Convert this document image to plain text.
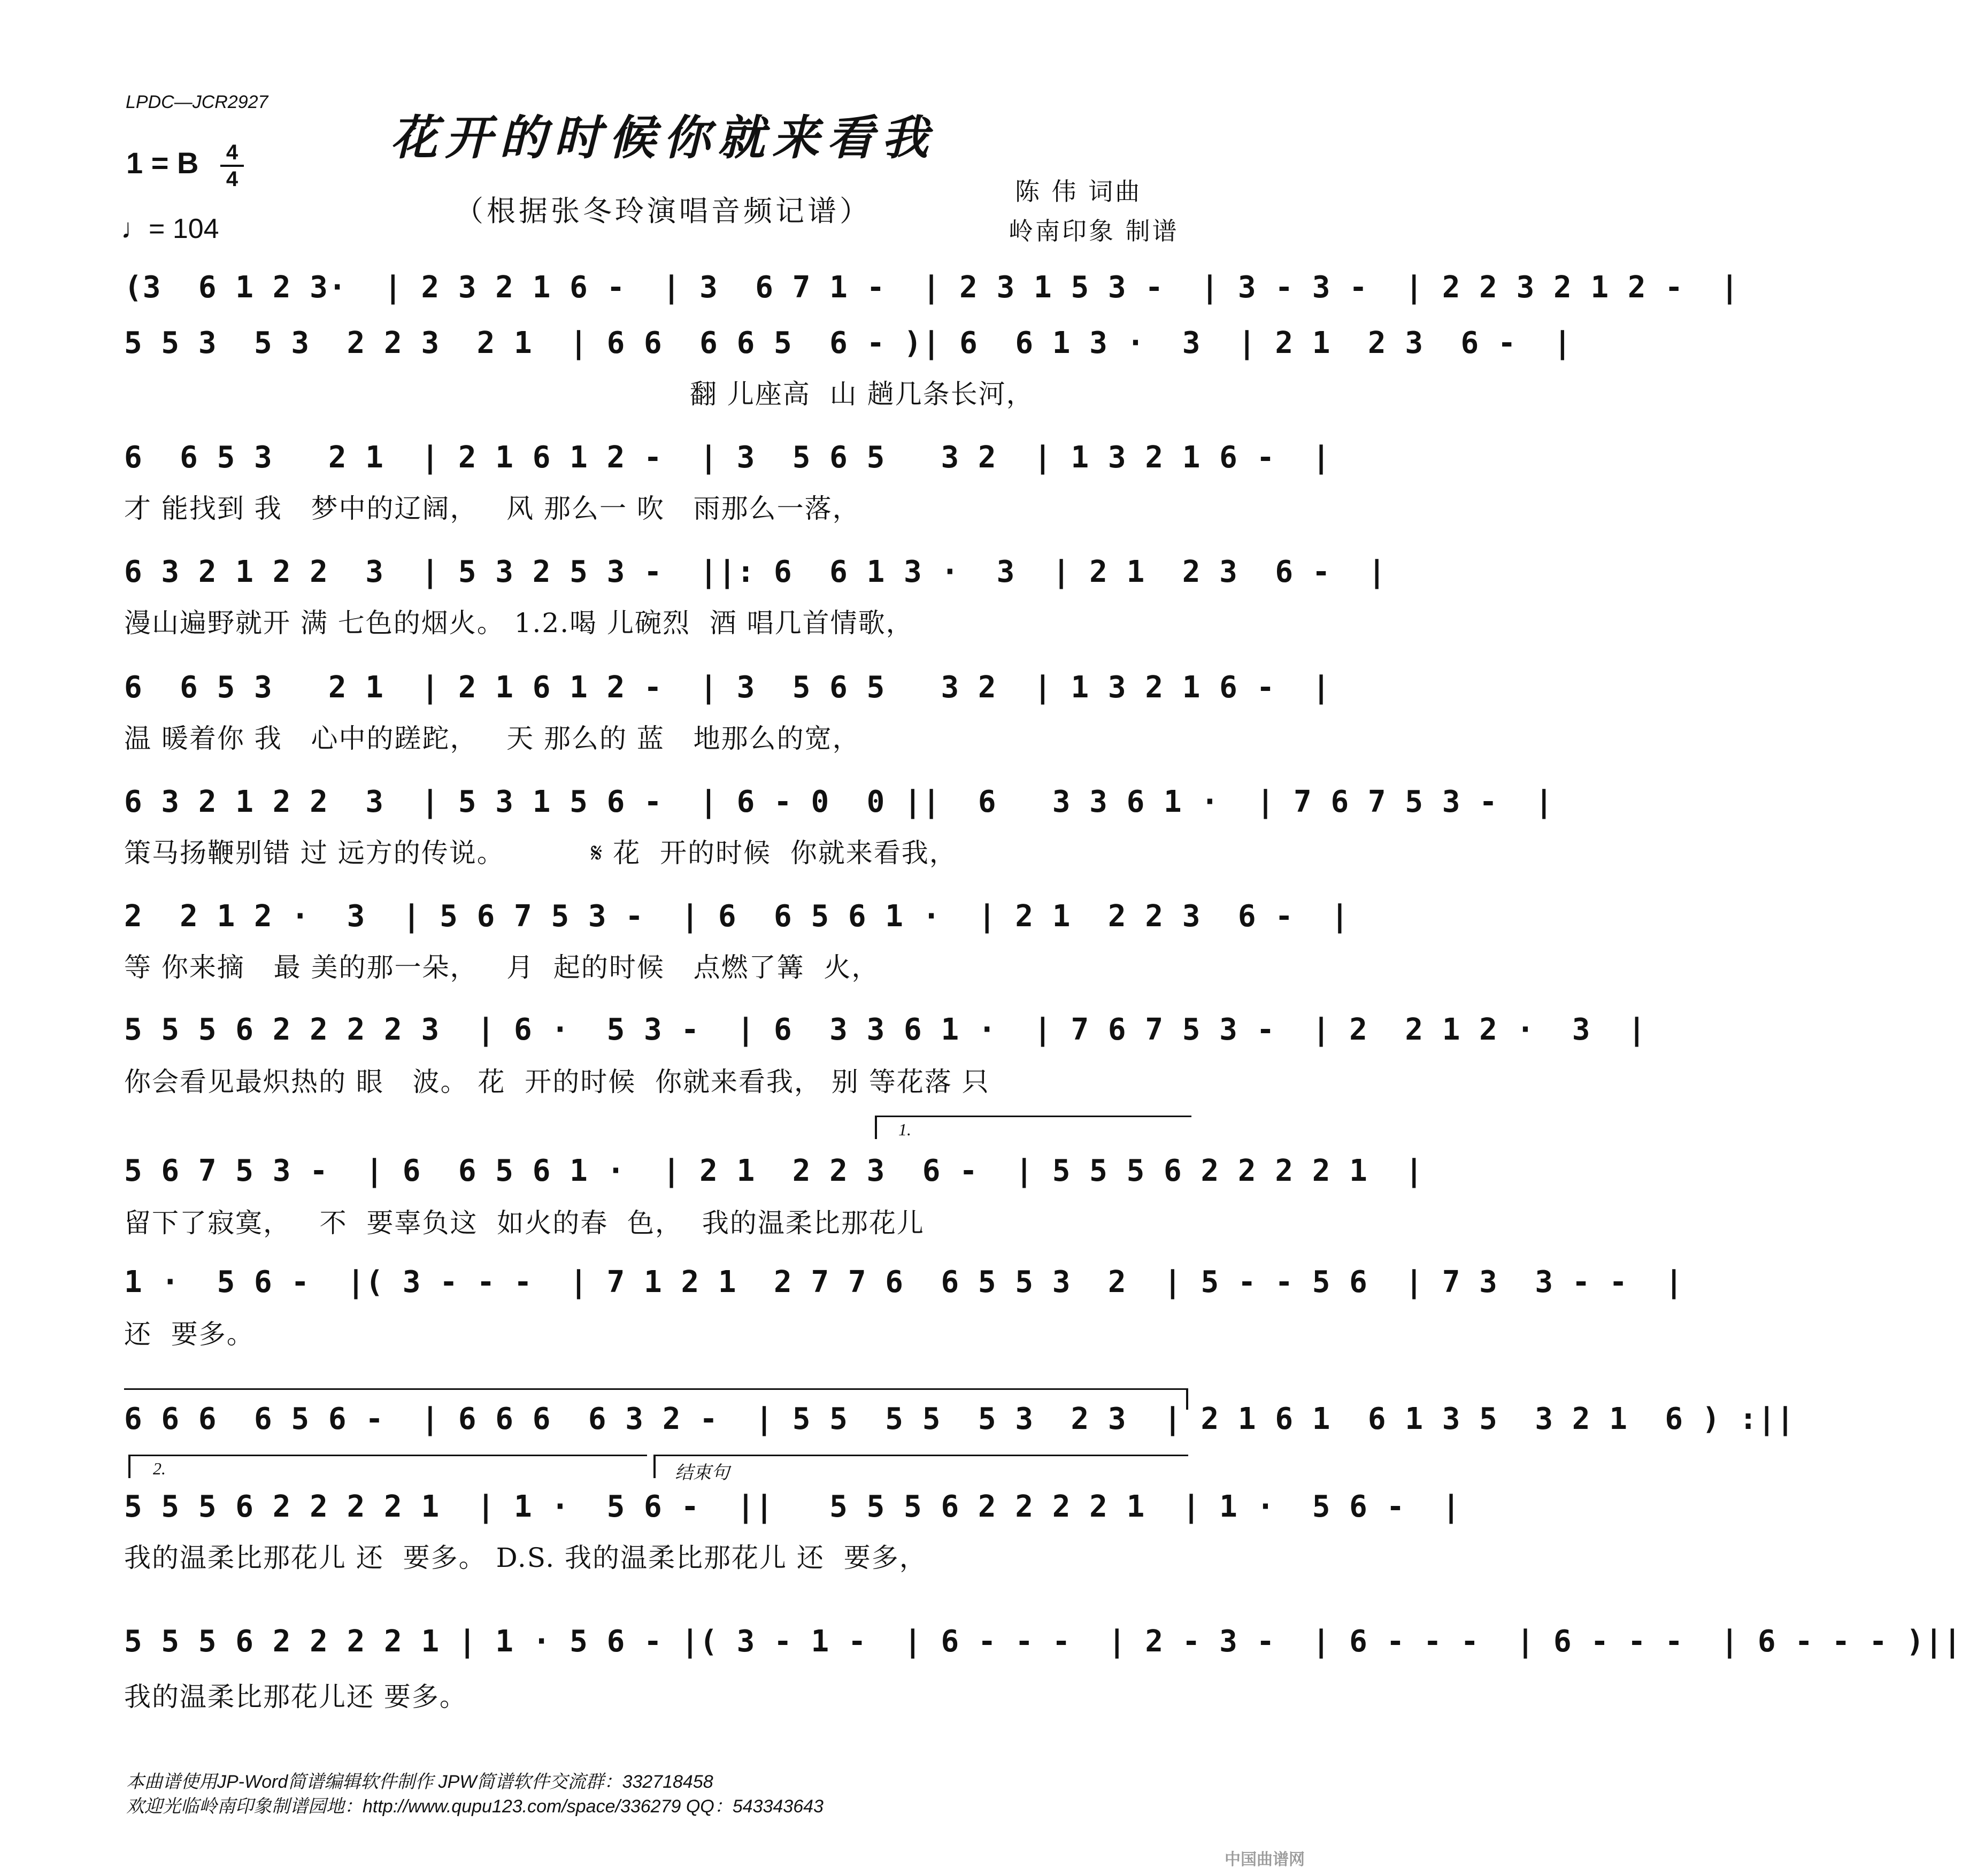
LPDC—JCR2927
花开的时候你就来看我
（根据张冬玲演唱音频记谱）
1 = B 4
4
♩= 104
陈 伟 词曲
岭南印象 制谱
(3  6 1 2 3·  | 2 3 2 1 6 -  | 3  6 7 1 -  | 2 3 1 5 3 -  | 3 - 3 -  | 2 2 3 2 1 2 -  |
5 5 3  5 3  2 2 3  2 1  | 6 6  6 6 5  6 - )| 6  6 1 3 ·  3  | 2 1  2 3  6 -  |
翻 儿座高  山 趟几条长河，
6  6 5 3   2 1  | 2 1 6 1 2 -  | 3  5 6 5   3 2  | 1 3 2 1 6 -  |
才 能找到 我   梦中的辽阔，   风 那么一 吹   雨那么一落，
6 3 2 1 2 2  3  | 5 3 2 5 3 -  ||: 6  6 1 3 ·  3  | 2 1  2 3  6 -  |
漫山遍野就开 满 七色的烟火。 1.2.喝 儿碗烈  酒 唱几首情歌，
6  6 5 3   2 1  | 2 1 6 1 2 -  | 3  5 6 5   3 2  | 1 3 2 1 6 -  |
温 暖着你 我   心中的蹉跎，   天 那么的 蓝   地那么的宽，
6 3 2 1 2 2  3  | 5 3 1 5 6 -  | 6 - 0  0 ||  6   3 3 6 1 ·  | 7 6 7 5 3 -  |
策马扬鞭别错 过 远方的传说。         𝄋 花  开的时候  你就来看我，
2  2 1 2 ·  3  | 5 6 7 5 3 -  | 6  6 5 6 1 ·  | 2 1  2 2 3  6 -  |
等 你来摘   最 美的那一朵，   月  起的时候   点燃了篝  火，
5 5 5 6 2 2 2 2 3  | 6 ·  5 3 -  | 6  3 3 6 1 ·  | 7 6 7 5 3 -  | 2  2 1 2 ·  3  |
你会看见最炽热的 眼   波。 花  开的时候  你就来看我， 别 等花落 只
1.
5 6 7 5 3 -  | 6  6 5 6 1 ·  | 2 1  2 2 3  6 -  | 5 5 5 6 2 2 2 2 1  |
留下了寂寞，   不  要辜负这  如火的春  色，  我的温柔比那花儿
1 ·  5 6 -  |( 3 - - -  | 7 1 2 1  2 7 7 6  6 5 5 3  2  | 5 - - 5 6  | 7 3  3 - -  |
还  要多。
6 6 6  6 5 6 -  | 6 6 6  6 3 2 -  | 5 5  5 5  5 3  2 3  | 2 1 6 1  6 1 3 5  3 2 1  6 ) :||
2.	结束句
5 5 5 6 2 2 2 2 1  | 1 ·  5 6 -  ||   5 5 5 6 2 2 2 2 1  | 1 ·  5 6 -  |
我的温柔比那花儿 还  要多。 D.S. 我的温柔比那花儿 还  要多，
5 5 5 6 2 2 2 2 1 | 1 · 5 6 - |( 3 - 1 -  | 6 - - -  | 2 - 3 -  | 6 - - -  | 6 - - -  | 6 - - - )||
我的温柔比那花儿还 要多。
本曲谱使用JP-Word简谱编辑软件制作 JPW简谱软件交流群：332718458
欢迎光临岭南印象制谱园地：http://www.qupu123.com/space/336279 QQ：543343643
中国曲谱网
